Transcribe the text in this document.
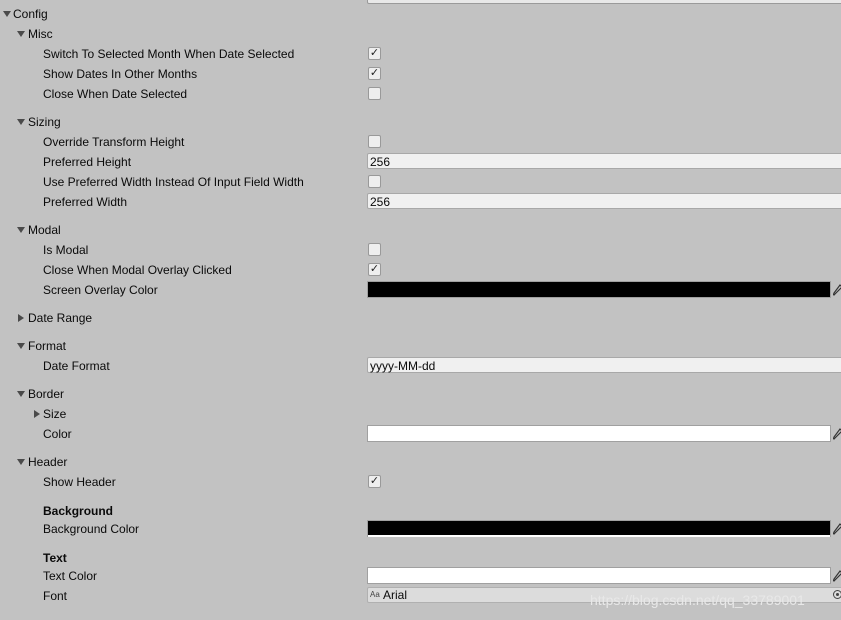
Config
Misc
Switch To Selected Month When Date Selected	✓
Show Dates In Other Months	✓
Close When Date Selected
Sizing
Override Transform Height
Preferred Height	256
Use Preferred Width Instead Of Input Field Width
Preferred Width	256
Modal
Is Modal
Close When Modal Overlay Clicked	✓
Screen Overlay Color
Date Range
Format
Date Format	yyyy-MM-dd
Border
Size
Color
Header
Show Header	✓
Background
Background Color
Text
Text Color
Font	Aa Arial	https://blog.csdn.net/qq_33789001
